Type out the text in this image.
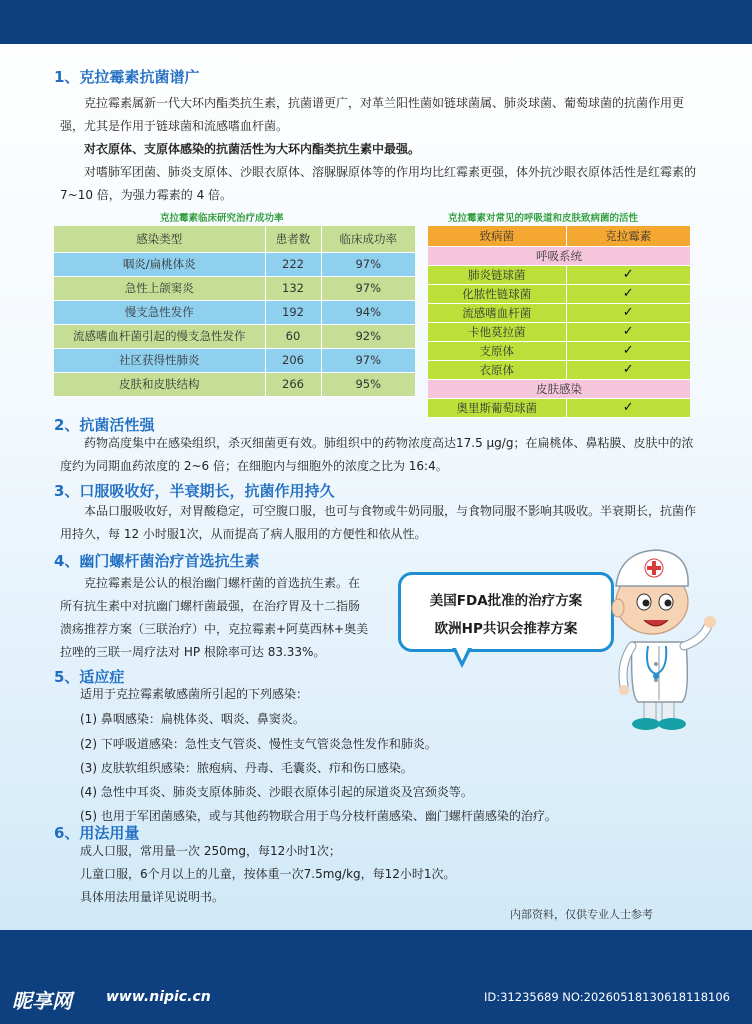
1、克拉霉素抗菌谱广
克拉霉素属新一代大环内酯类抗生素，抗菌谱更广，对革兰阳性菌如链球菌属、肺炎球菌、葡萄球菌的抗菌作用更强，尤其是作用于链球菌和流感嗜血杆菌。
对衣原体、支原体感染的抗菌活性为大环内酯类抗生素中最强。
对嗜肺军团菌、肺炎支原体、沙眼衣原体、溶脲脲原体等的作用均比红霉素更强，体外抗沙眼衣原体活性是红霉素的 7~10 倍，为强力霉素的 4 倍。
克拉霉素临床研究治疗成功率
感染类型	患者数	临床成功率
咽炎/扁桃体炎	222	97%
急性上颌窦炎	132	97%
慢支急性发作	192	94%
流感嗜血杆菌引起的慢支急性发作	60	92%
社区获得性肺炎	206	97%
皮肤和皮肤结构	266	95%
克拉霉素对常见的呼吸道和皮肤致病菌的活性
致病菌	克拉霉素
呼吸系统	
肺炎链球菌	✓
化脓性链球菌	✓
流感嗜血杆菌	✓
卡他莫拉菌	✓
支原体	✓
衣原体	✓
皮肤感染	
奥里斯葡萄球菌	✓
2、抗菌活性强
药物高度集中在感染组织，杀灭细菌更有效。肺组织中的药物浓度高达17.5 μg/g；在扁桃体、鼻粘膜、皮肤中的浓度约为同期血药浓度的 2~6 倍；在细胞内与细胞外的浓度之比为 16:4。
3、口服吸收好，半衰期长，抗菌作用持久
本品口服吸收好，对胃酸稳定，可空腹口服，也可与食物或牛奶同服，与食物同服不影响其吸收。半衰期长，抗菌作用持久，每 12 小时服1次，从而提高了病人服用的方便性和依从性。
4、幽门螺杆菌治疗首选抗生素
克拉霉素是公认的根治幽门螺杆菌的首选抗生素。在
所有抗生素中对抗幽门螺杆菌最强，在治疗胃及十二指肠
溃疡推荐方案（三联治疗）中，克拉霉素+阿莫西林+奥美
拉唑的三联一周疗法对 HP 根除率可达 83.33%。
美国FDA批准的治疗方案
欧洲HP共识会推荐方案
5、适应症
适用于克拉霉素敏感菌所引起的下列感染：
(1) 鼻咽感染：扁桃体炎、咽炎、鼻窦炎。
(2) 下呼吸道感染：急性支气管炎、慢性支气管炎急性发作和肺炎。
(3) 皮肤软组织感染：脓疱病、丹毒、毛囊炎、疖和伤口感染。
(4) 急性中耳炎、肺炎支原体肺炎、沙眼衣原体引起的尿道炎及宫颈炎等。
(5) 也用于军团菌感染，或与其他药物联合用于鸟分枝杆菌感染、幽门螺杆菌感染的治疗。
6、用法用量
成人口服，常用量一次 250mg，每12小时1次；
儿童口服，6个月以上的儿童，按体重一次7.5mg/kg，每12小时1次。
具体用法用量详见说明书。
内部资料，仅供专业人士参考
昵享网 www.nipic.cn	ID:31235689 NO:20260518130618118106
